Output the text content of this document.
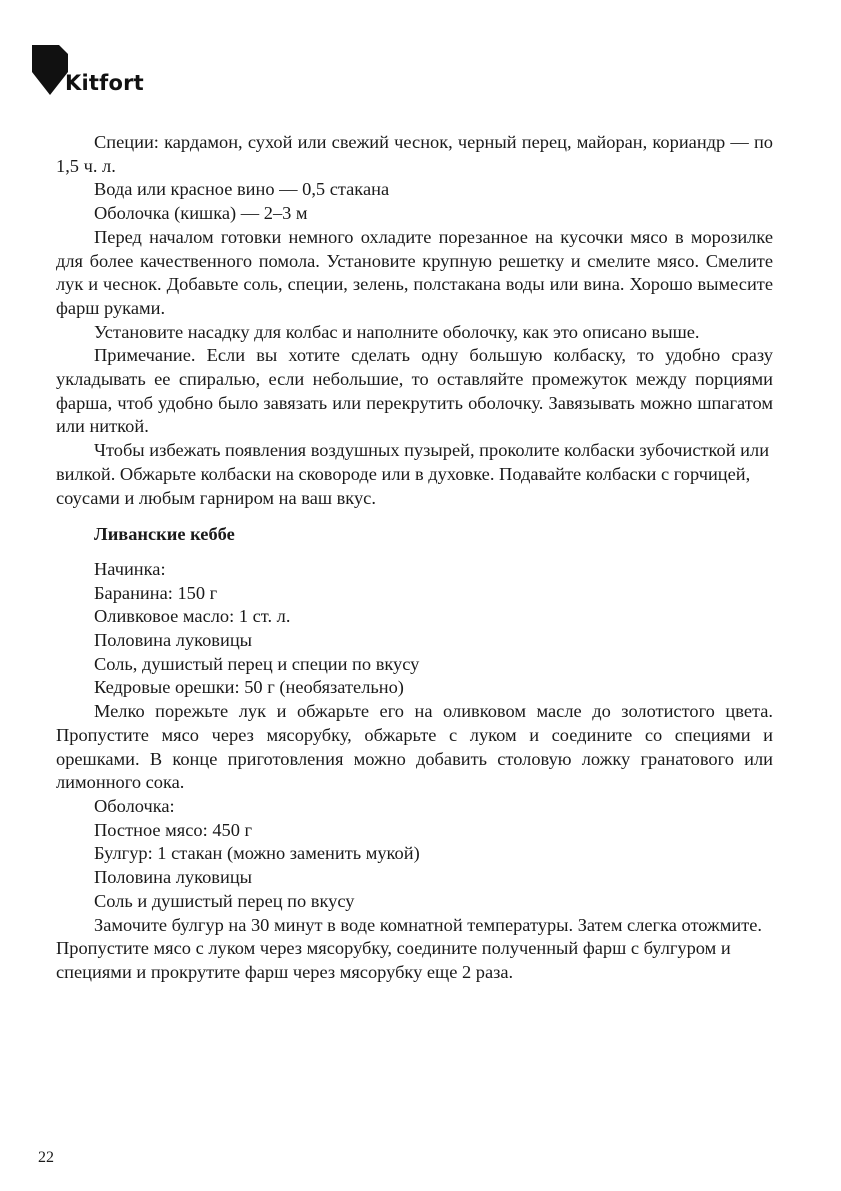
Kitfort

Специи: кардамон, сухой или свежий чеснок, черный перец, майоран, кориандр — по 1,5 ч. л.

Вода или красное вино — 0,5 стакана

Оболочка (кишка) — 2–3 м

Перед началом готовки немного охладите порезанное на кусочки мясо в морозилке для более качественного помола. Установите крупную решетку и смелите мясо. Смелите лук и чеснок. Добавьте соль, специи, зелень, полстакана воды или вина. Хорошо вымесите фарш руками.

Установите насадку для колбас и наполните оболочку, как это описано выше.

Примечание. Если вы хотите сделать одну большую колбаску, то удобно сразу укладывать ее спиралью, если небольшие, то оставляйте промежуток между порциями фарша, чтоб удобно было завязать или перекрутить оболочку. Завязывать можно шпагатом или ниткой.

Чтобы избежать появления воздушных пузырей, проколите колбаски зубочисткой или вилкой. Обжарьте колбаски на сковороде или в духовке. Подавайте колбаски с горчицей, соусами и любым гарниром на ваш вкус.

Ливанские кеббе

Начинка:

Баранина: 150 г

Оливковое масло: 1 ст. л.

Половина луковицы

Соль, душистый перец и специи по вкусу

Кедровые орешки: 50 г (необязательно)

Мелко порежьте лук и обжарьте его на оливковом масле до золотистого цвета. Пропустите мясо через мясорубку, обжарьте с луком и соедините со специями и орешками. В конце приготовления можно добавить столовую ложку гранатового или лимонного сока.

Оболочка:

Постное мясо: 450 г

Булгур: 1 стакан (можно заменить мукой)

Половина луковицы

Соль и душистый перец по вкусу

Замочите булгур на 30 минут в воде комнатной температуры. Затем слегка отожмите. Пропустите мясо с луком через мясорубку, соедините полученный фарш с булгуром и специями и прокрутите фарш через мясорубку еще 2 раза.

22
